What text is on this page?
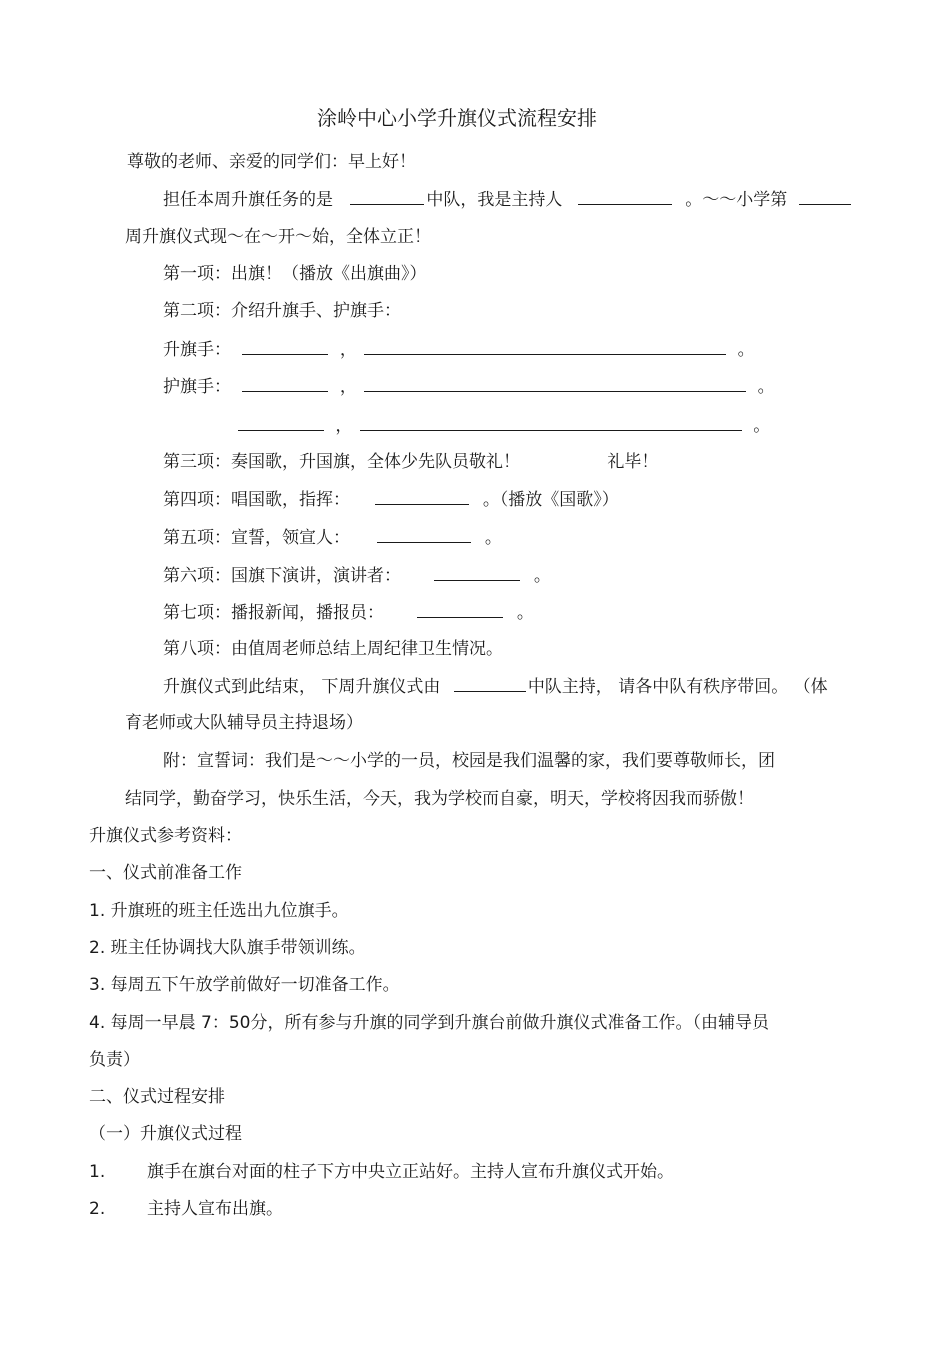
涂岭中心小学升旗仪式流程安排
尊敬的老师、亲爱的同学们：早上好！
担任本周升旗任务的是	中队，我是主持人	。～～小学第
周升旗仪式现～在～开～始，全体立正！
第一项：出旗！（播放《出旗曲》）
第二项：介绍升旗手、护旗手：
升旗手：	，	。
护旗手：	，	。
，	。
第三项：奏国歌，升国旗，全体少先队员敬礼！	礼毕！
第四项：唱国歌，指挥：	。（播放《国歌》）
第五项：宣誓，领宣人：	。
第六项：国旗下演讲，演讲者：	。
第七项：播报新闻，播报员：	。
第八项：由值周老师总结上周纪律卫生情况。
升旗仪式到此结束， 下周升旗仪式由	中队主持， 请各中队有秩序带回。 （体
育老师或大队辅导员主持退场）
附：宣誓词：我们是～～小学的一员，校园是我们温馨的家，我们要尊敬师长，团
结同学，勤奋学习，快乐生活，今天，我为学校而自豪，明天，学校将因我而骄傲！
升旗仪式参考资料：
一、仪式前准备工作
1. 升旗班的班主任选出九位旗手。
2. 班主任协调找大队旗手带领训练。
3. 每周五下午放学前做好一切准备工作。
4. 每周一早晨 7：50分，所有参与升旗的同学到升旗台前做升旗仪式准备工作。（由辅导员
负责）
二、仪式过程安排
（一）升旗仪式过程
1. 旗手在旗台对面的柱子下方中央立正站好。主持人宣布升旗仪式开始。
2. 主持人宣布出旗。
